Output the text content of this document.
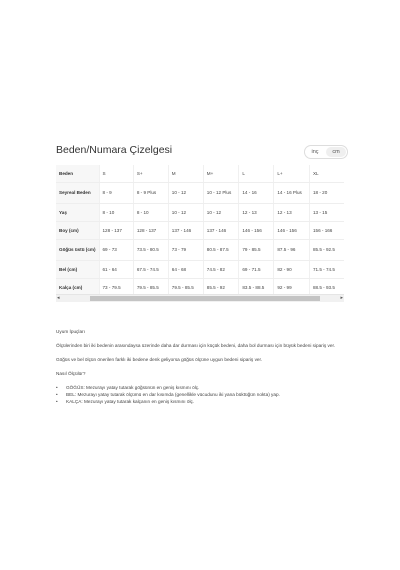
Beden/Numara Çizelgesi	inç	cm
Beden	S	S+	M	M+	L	L+	XL
Seyreal Beden	8 - 9	8 - 9 Plus	10 - 12	10 - 12 Plus	14 - 16	14 - 16 Plus	18 - 20
Yaş	8 - 10	8 - 10	10 - 12	10 - 12	12 - 13	12 - 13	13 - 15
Boy (cm)	128 - 137	128 - 137	137 - 146	137 - 146	146 - 156	146 - 156	156 - 166
Göğüs üstü (cm)	69 - 73	73.5 - 80.5	73 - 79	80.5 - 87.5	79 - 85.5	87.5 - 96	85.5 - 92.5
Bel (cm)	61 - 64	67.5 - 74.5	64 - 68	74.5 - 82	69 - 71.5	82 - 90	71.5 - 74.5
Kalça (cm)	73 - 79.5	79.5 - 85.5	79.5 - 85.5	85.5 - 92	83.5 - 88.5	92 - 99	88.5 - 93.5
◂	▸

Uyum İpuçları

Ölçülerinden biri iki bedenin arasındaysa üzerinde daha dar durması için küçük bedeni, daha bol durması için büyük bedeni sipariş ver.

Göğüs ve bel ölçün önerilen farklı iki bedene denk geliyorsa göğüs ölçüne uygun bedeni sipariş ver.

Nasıl Ölçülür?

• GÖĞÜS: Mezurayı yatay tutarak göğsünün en geniş kısmını ölç.
• BEL: Mezurayı yatay tutarak ölçümü en dar kısımda (genellikle vücudunu iki yana büktüğün nokta) yap.
• KALÇA: Mezurayı yatay tutarak kalçanın en geniş kısmını ölç.
